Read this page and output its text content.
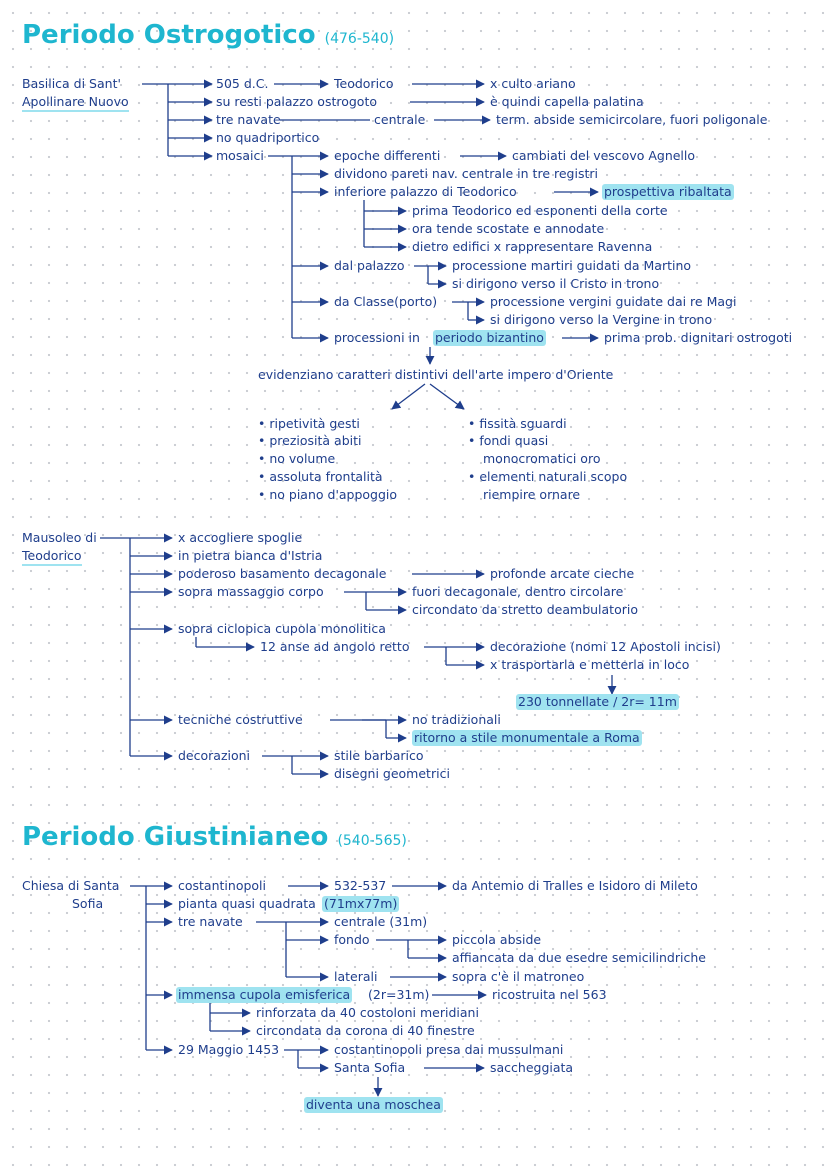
Periodo Ostrogotico (476-540)
Basilica di Sant'
Apollinare Nuovo
505 d.C.	Teodorico	x culto ariano
su resti palazzo ostrogoto	è quindi capella palatina
tre navate	centrale	term. abside semicircolare, fuori poligonale
no quadriportico
mosaici	epoche differenti	cambiati del vescovo Agnello
dividono pareti nav. centrale in tre registri
inferiore palazzo di Teodorico	prospettiva ribaltata
prima Teodorico ed esponenti della corte
ora tende scostate e annodate
dietro edifici x rappresentare Ravenna
dal palazzo	processione martiri guidati da Martino
si dirigono verso il Cristo in trono
da Classe(porto)	processione vergini guidate dai re Magi
si dirigono verso la Vergine in trono
processioni in periodo bizantino	prima prob. dignitari ostrogoti
evidenziano caratteri distintivi dell'arte impero d'Oriente
• ripetività gesti
• preziosità abiti
• no volume
• assoluta frontalità
• no piano d'appoggio
• fissità sguardi
• fondi quasi
monocromatici oro
• elementi naturali scopo
riempire ornare
Mausoleo di
Teodorico
x accogliere spoglie
in pietra bianca d'Istria
poderoso basamento decagonale	profonde arcate cieche
sopra massaggio corpo	fuori decagonale, dentro circolare
circondato da stretto deambulatorio
sopra ciclopica cupola monolitica
12 anse ad angolo retto	decorazione (nomi 12 Apostoli incisi)
x trasportarla e metterla in loco
230 tonnellate / 2r= 11m
tecniche costruttive	no tradizionali
ritorno a stile monumentale a Roma
decorazioni	stile barbarico
disegni geometrici
Periodo Giustinianeo (540-565)
Chiesa di Santa
Sofia
costantinopoli	532-537	da Antemio di Tralles e Isidoro di Mileto
pianta quasi quadrata (71mx77m)
tre navate	centrale (31m)
fondo	piccola abside
affiancata da due esedre semicilindriche
laterali	sopra c'è il matroneo
immensa cupola emisferica (2r=31m)	ricostruita nel 563
rinforzata da 40 costoloni meridiani
circondata da corona di 40 finestre
29 Maggio 1453	costantinopoli presa dai mussulmani
Santa Sofia	saccheggiata
diventa una moschea
